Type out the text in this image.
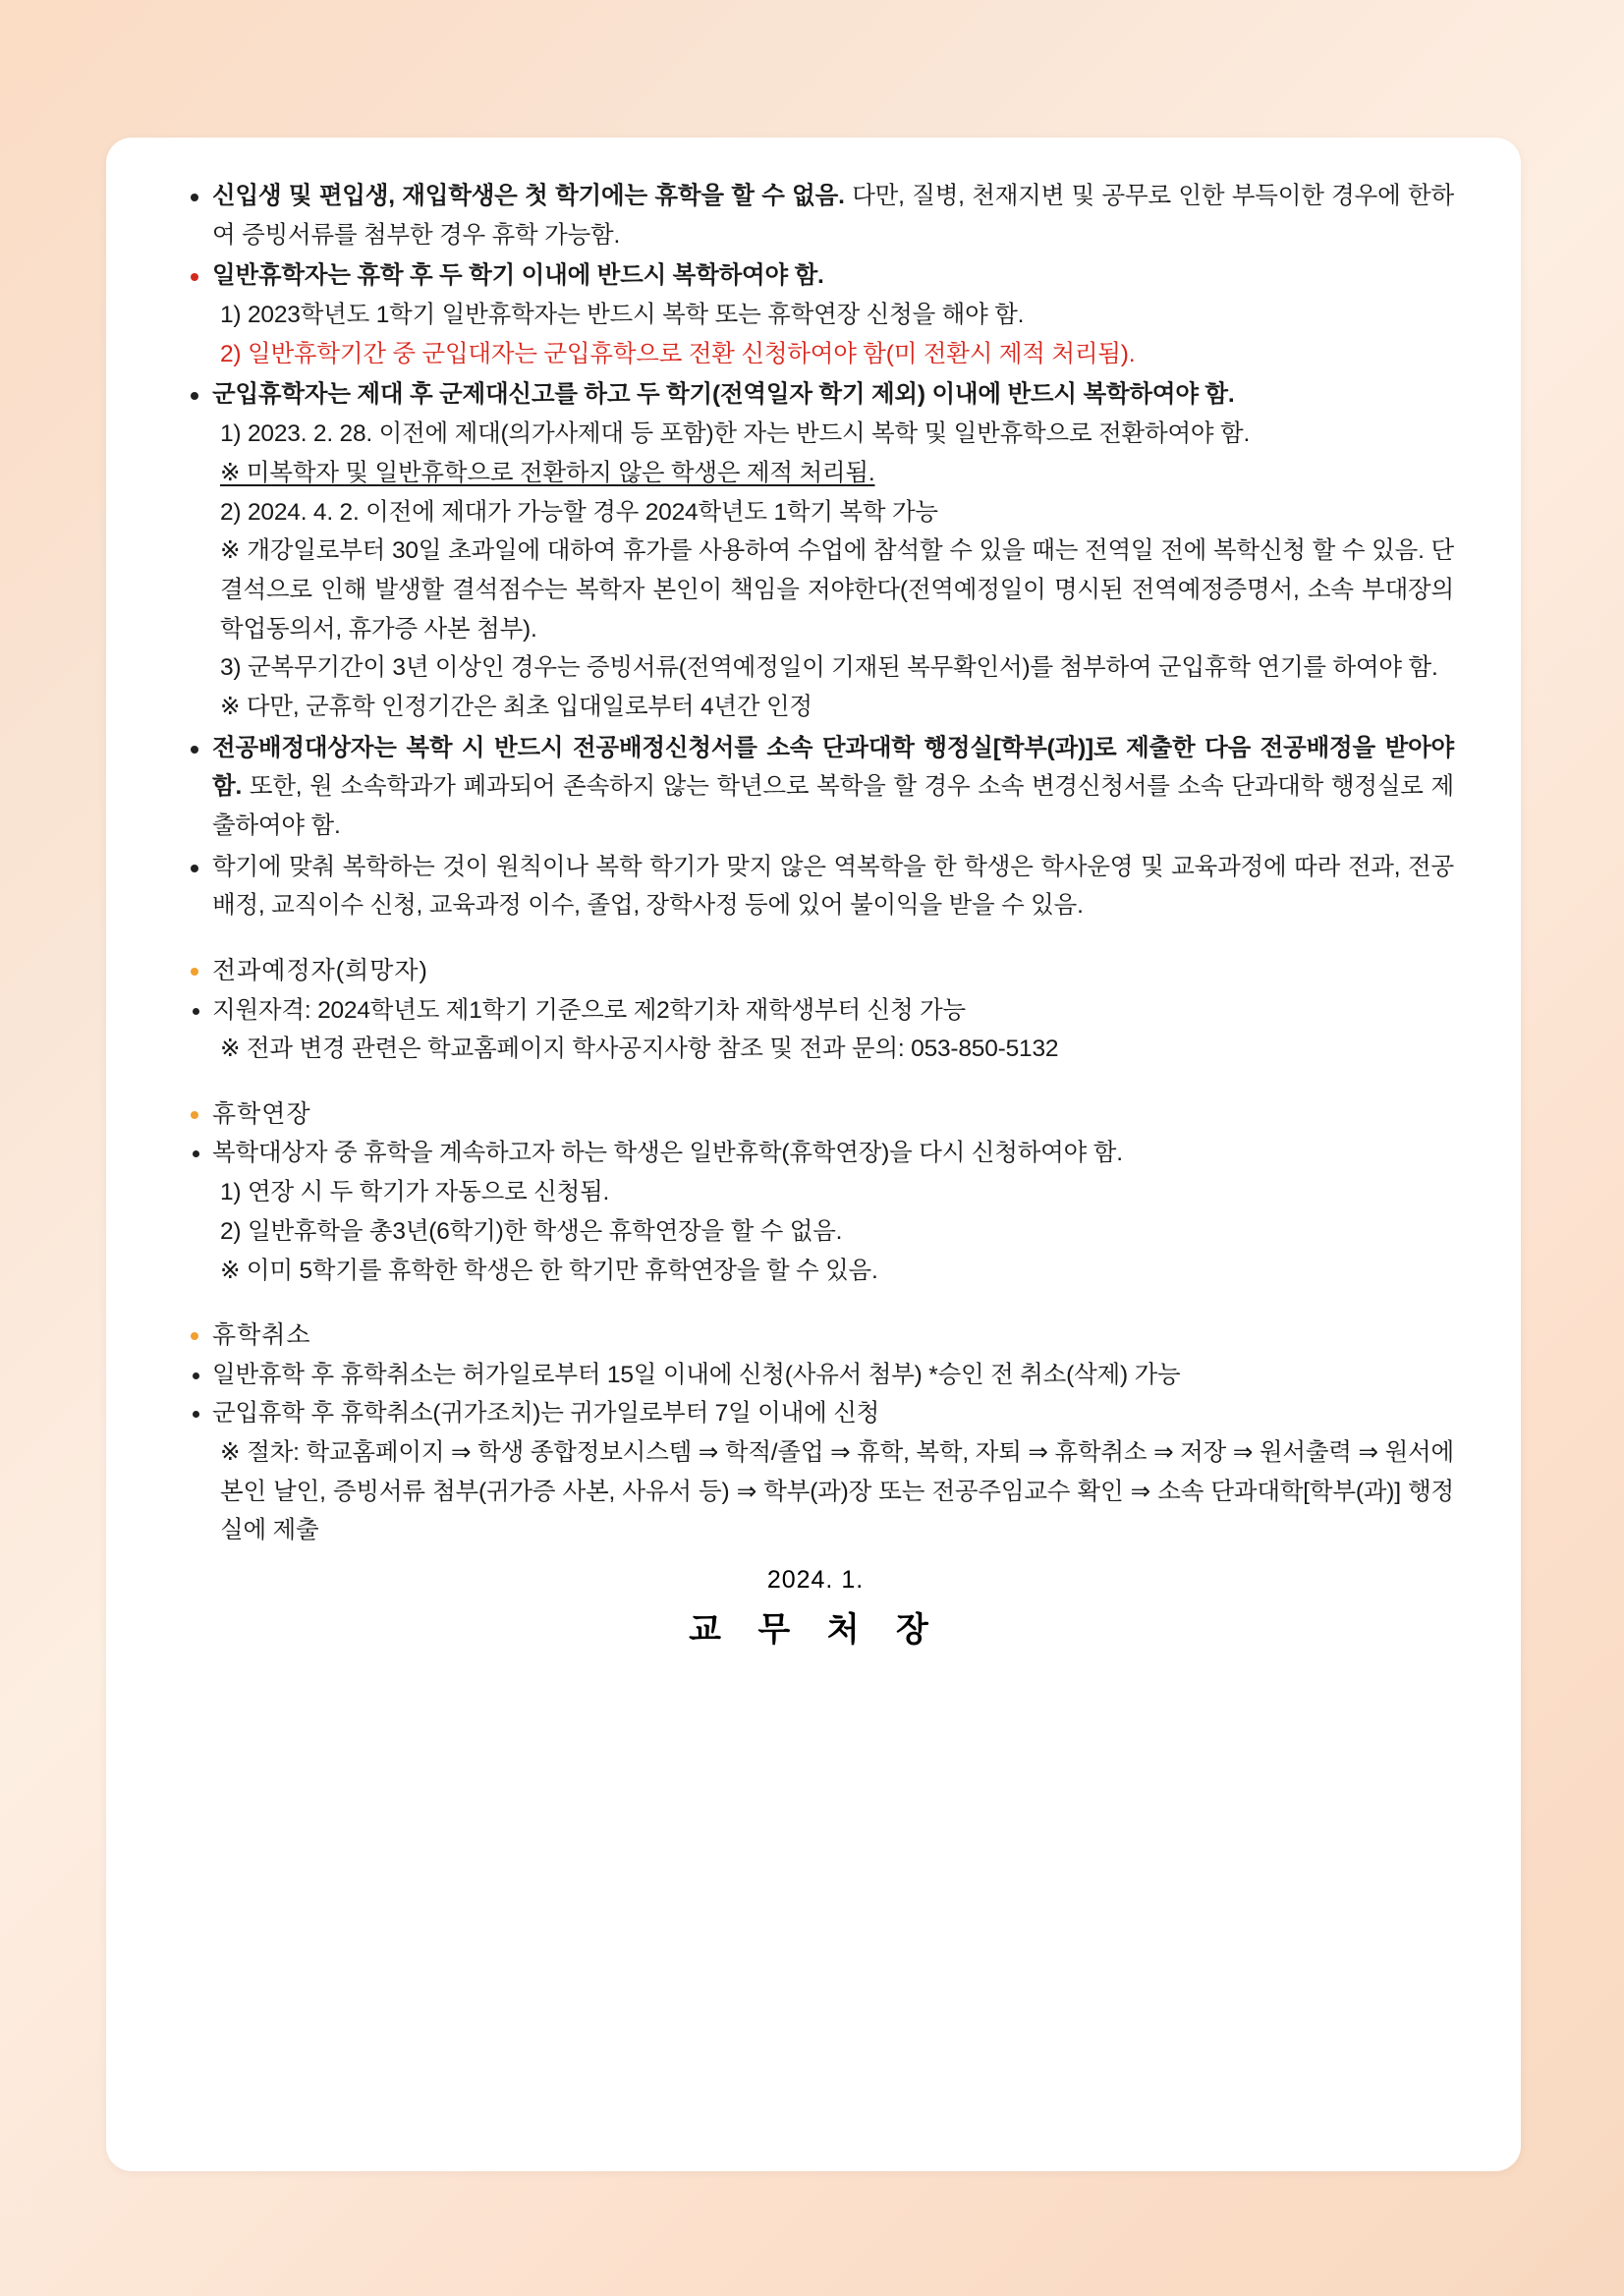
신입생 및 편입생, 재입학생은 첫 학기에는 휴학을 할 수 없음. 다만, 질병, 천재지변 및 공무로 인한 부득이한 경우에 한하여 증빙서류를 첨부한 경우 휴학 가능함.
일반휴학자는 휴학 후 두 학기 이내에 반드시 복학하여야 함.
1) 2023학년도 1학기 일반휴학자는 반드시 복학 또는 휴학연장 신청을 해야 함.
2) 일반휴학기간 중 군입대자는 군입휴학으로 전환 신청하여야 함(미 전환시 제적 처리됨).
군입휴학자는 제대 후 군제대신고를 하고 두 학기(전역일자 학기 제외) 이내에 반드시 복학하여야 함.
1) 2023. 2. 28. 이전에 제대(의가사제대 등 포함)한 자는 반드시 복학 및 일반휴학으로 전환하여야 함.
※ 미복학자 및 일반휴학으로 전환하지 않은 학생은 제적 처리됨.
2) 2024. 4. 2. 이전에 제대가 가능할 경우 2024학년도 1학기 복학 가능
※ 개강일로부터 30일 초과일에 대하여 휴가를 사용하여 수업에 참석할 수 있을 때는 전역일 전에 복학신청 할 수 있음. 단 결석으로 인해 발생할 결석점수는 복학자 본인이 책임을 저야한다(전역예정일이 명시된 전역예정증명서, 소속 부대장의 학업동의서, 휴가증 사본 첨부).
3) 군복무기간이 3년 이상인 경우는 증빙서류(전역예정일이 기재된 복무확인서)를 첨부하여 군입휴학 연기를 하여야 함.
※ 다만, 군휴학 인정기간은 최초 입대일로부터 4년간 인정
전공배정대상자는 복학 시 반드시 전공배정신청서를 소속 단과대학 행정실[학부(과)]로 제출한 다음 전공배정을 받아야 함. 또한, 원 소속학과가 폐과되어 존속하지 않는 학년으로 복학을 할 경우 소속 변경신청서를 소속 단과대학 행정실로 제출하여야 함.
학기에 맞춰 복학하는 것이 원칙이나 복학 학기가 맞지 않은 역복학을 한 학생은 학사운영 및 교육과정에 따라 전과, 전공배정, 교직이수 신청, 교육과정 이수, 졸업, 장학사정 등에 있어 불이익을 받을 수 있음.
전과예정자(희망자)
지원자격: 2024학년도 제1학기 기준으로 제2학기차 재학생부터 신청 가능
※ 전과 변경 관련은 학교홈페이지 학사공지사항 참조 및 전과 문의: 053-850-5132
휴학연장
복학대상자 중 휴학을 계속하고자 하는 학생은 일반휴학(휴학연장)을 다시 신청하여야 함.
1) 연장 시 두 학기가 자동으로 신청됨.
2) 일반휴학을 총3년(6학기)한 학생은 휴학연장을 할 수 없음.
※ 이미 5학기를 휴학한 학생은 한 학기만 휴학연장을 할 수 있음.
휴학취소
일반휴학 후 휴학취소는 허가일로부터 15일 이내에 신청(사유서 첨부) *승인 전 취소(삭제) 가능
군입휴학 후 휴학취소(귀가조치)는 귀가일로부터 7일 이내에 신청
※ 절차: 학교홈페이지 ⇒ 학생 종합정보시스템 ⇒ 학적/졸업 ⇒ 휴학, 복학, 자퇴 ⇒ 휴학취소 ⇒ 저장 ⇒ 원서출력 ⇒ 원서에 본인 날인, 증빙서류 첨부(귀가증 사본, 사유서 등) ⇒ 학부(과)장 또는 전공주임교수 확인 ⇒ 소속 단과대학[학부(과)] 행정실에 제출
2024. 1.
교 무 처 장
